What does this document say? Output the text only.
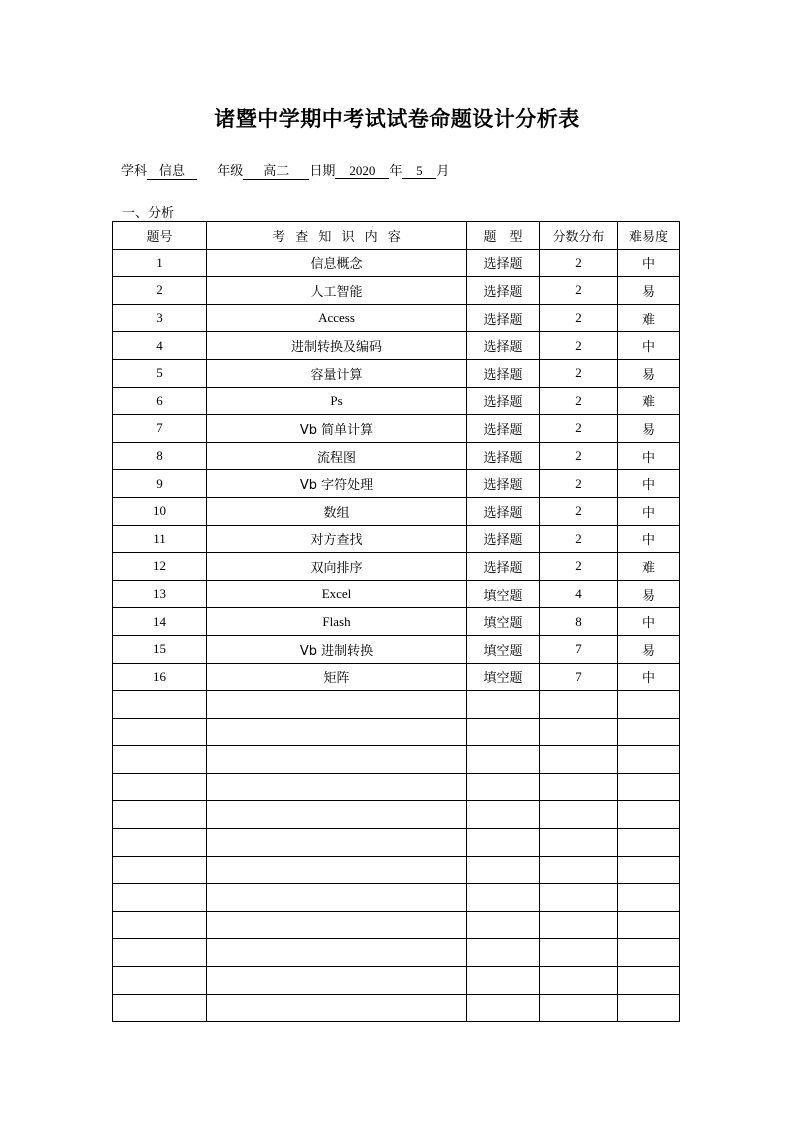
诸暨中学期中考试试卷命题设计分析表
学科 信息 年级 高二 日期 2020 年 5 月
一、分析
题号	考 查 知 识 内 容	题　型	分数分布	难易度
1	信息概念	选择题	2	中
2	人工智能	选择题	2	易
3	Access	选择题	2	难
4	进制转换及编码	选择题	2	中
5	容量计算	选择题	2	易
6	Ps	选择题	2	难
7	Vb 简单计算	选择题	2	易
8	流程图	选择题	2	中
9	Vb 字符处理	选择题	2	中
10	数组	选择题	2	中
11	对方查找	选择题	2	中
12	双向排序	选择题	2	难
13	Excel	填空题	4	易
14	Flash	填空题	8	中
15	Vb 进制转换	填空题	7	易
16	矩阵	填空题	7	中
